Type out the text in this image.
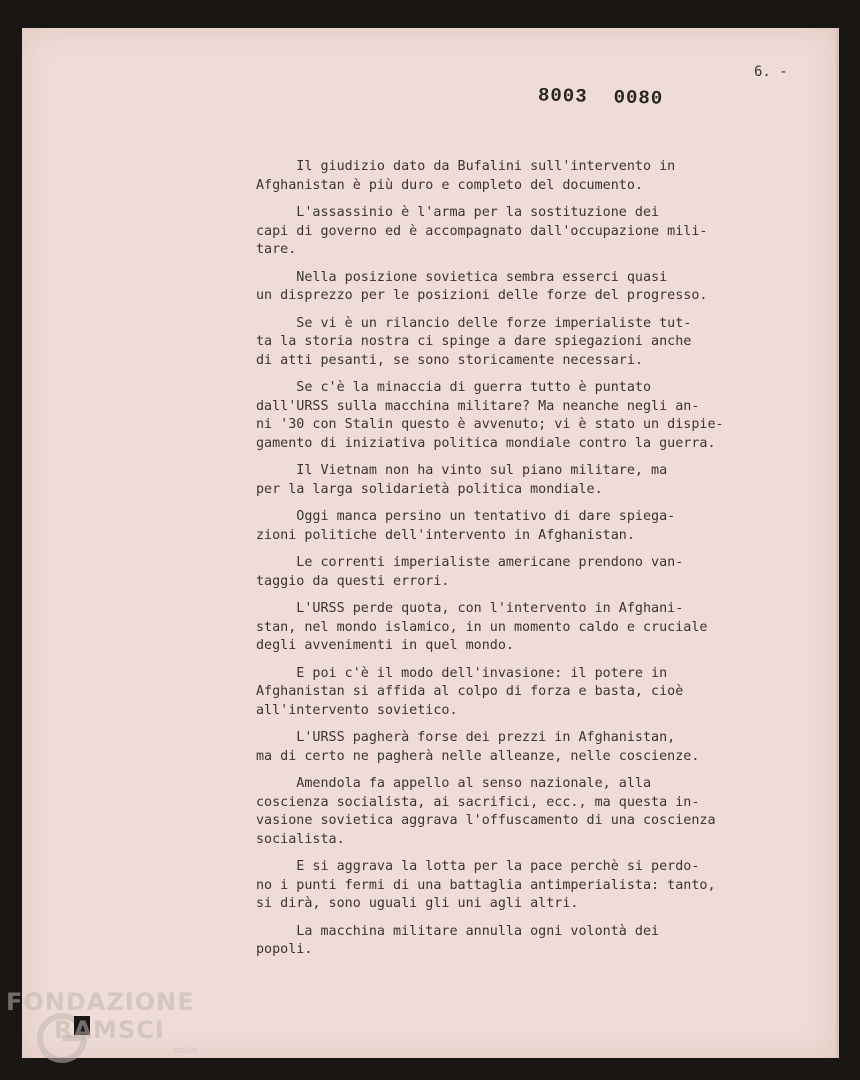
6. -

8003 0080

Il giudizio dato da Bufalini sull'intervento in
Afghanistan è più duro e completo del documento.

L'assassinio è l'arma per la sostituzione dei
capi di governo ed è accompagnato dall'occupazione mili-
tare.

Nella posizione sovietica sembra esserci quasi
un disprezzo per le posizioni delle forze del progresso.

Se vi è un rilancio delle forze imperialiste tut-
ta la storia nostra ci spinge a dare spiegazioni anche
di atti pesanti, se sono storicamente necessari.

Se c'è la minaccia di guerra tutto è puntato
dall'URSS sulla macchina militare? Ma neanche negli an-
ni '30 con Stalin questo è avvenuto; vi è stato un dispie-
gamento di iniziativa politica mondiale contro la guerra.

Il Vietnam non ha vinto sul piano militare, ma
per la larga solidarietà politica mondiale.

Oggi manca persino un tentativo di dare spiega-
zioni politiche dell'intervento in Afghanistan.

Le correnti imperialiste americane prendono van-
taggio da questi errori.

L'URSS perde quota, con l'intervento in Afghani-
stan, nel mondo islamico, in un momento caldo e cruciale
degli avvenimenti in quel mondo.

E poi c'è il modo dell'invasione: il potere in
Afghanistan si affida al colpo di forza e basta, cioè
all'intervento sovietico.

L'URSS pagherà forse dei prezzi in Afghanistan,
ma di certo ne pagherà nelle alleanze, nelle coscienze.

Amendola fa appello al senso nazionale, alla
coscienza socialista, ai sacrifici, ecc., ma questa in-
vasione sovietica aggrava l'offuscamento di una coscienza
socialista.

E si aggrava la lotta per la pace perchè si perdo-
no i punti fermi di una battaglia antimperialista: tanto,
si dirà, sono uguali gli uni agli altri.

La macchina militare annulla ogni volontà dei
popoli.

FONDAZIONE

RAMSCI

onlus
